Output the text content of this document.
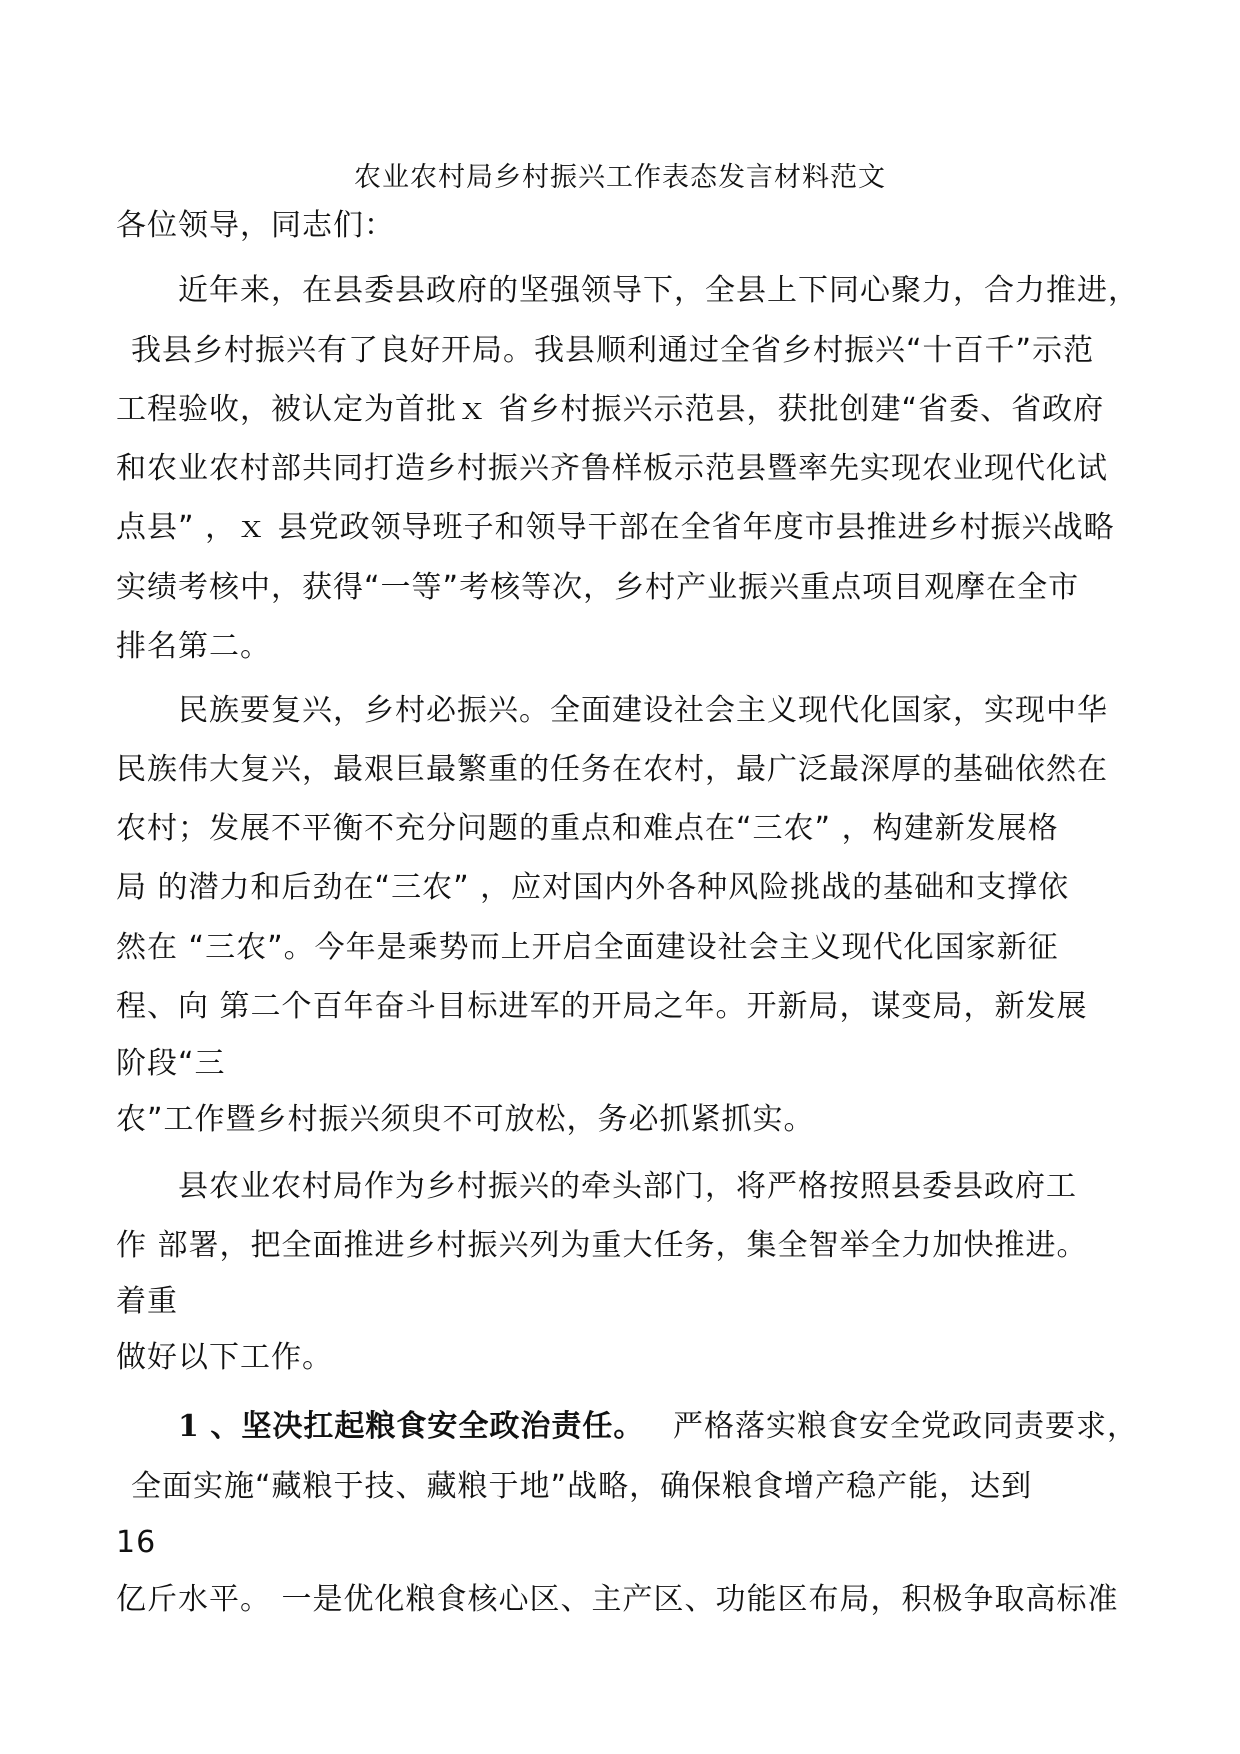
农业农村局乡村振兴工作表态发言材料范文

各位领导，同志们：

近年来，在县委县政府的坚强领导下，全县上下同心聚力，合力推进，

我县乡村振兴有了良好开局。我县顺利通过全省乡村振兴“十百千”示范

工程验收，被认定为首批ｘ 省乡村振兴示范县，获批创建“省委、省政府

和农业农村部共同打造乡村振兴齐鲁样板示范县暨率先实现农业现代化试

点县” ，ｘ 县党政领导班子和领导干部在全省年度市县推进乡村振兴战略

实绩考核中，获得“一等”考核等次，乡村产业振兴重点项目观摩在全市

排名第二。

民族要复兴，乡村必振兴。全面建设社会主义现代化国家，实现中华

民族伟大复兴，最艰巨最繁重的任务在农村，最广泛最深厚的基础依然在

农村；发展不平衡不充分问题的重点和难点在“三农” ，构建新发展格

局 的潜力和后劲在“三农” ，应对国内外各种风险挑战的基础和支撑依

然在 “三农”。今年是乘势而上开启全面建设社会主义现代化国家新征

程、向 第二个百年奋斗目标进军的开局之年。开新局，谋变局，新发展

阶段“三

农”工作暨乡村振兴须臾不可放松，务必抓紧抓实。

县农业农村局作为乡村振兴的牵头部门，将严格按照县委县政府工

作 部署，把全面推进乡村振兴列为重大任务，集全智举全力加快推进。

着重

做好以下工作。

1 、坚决扛起粮食安全政治责任。 严格落实粮食安全党政同责要求，

全面实施“藏粮于技、藏粮于地”战略，确保粮食增产稳产能，达到

16

亿斤水平。 一是优化粮食核心区、主产区、功能区布局，积极争取高标准
